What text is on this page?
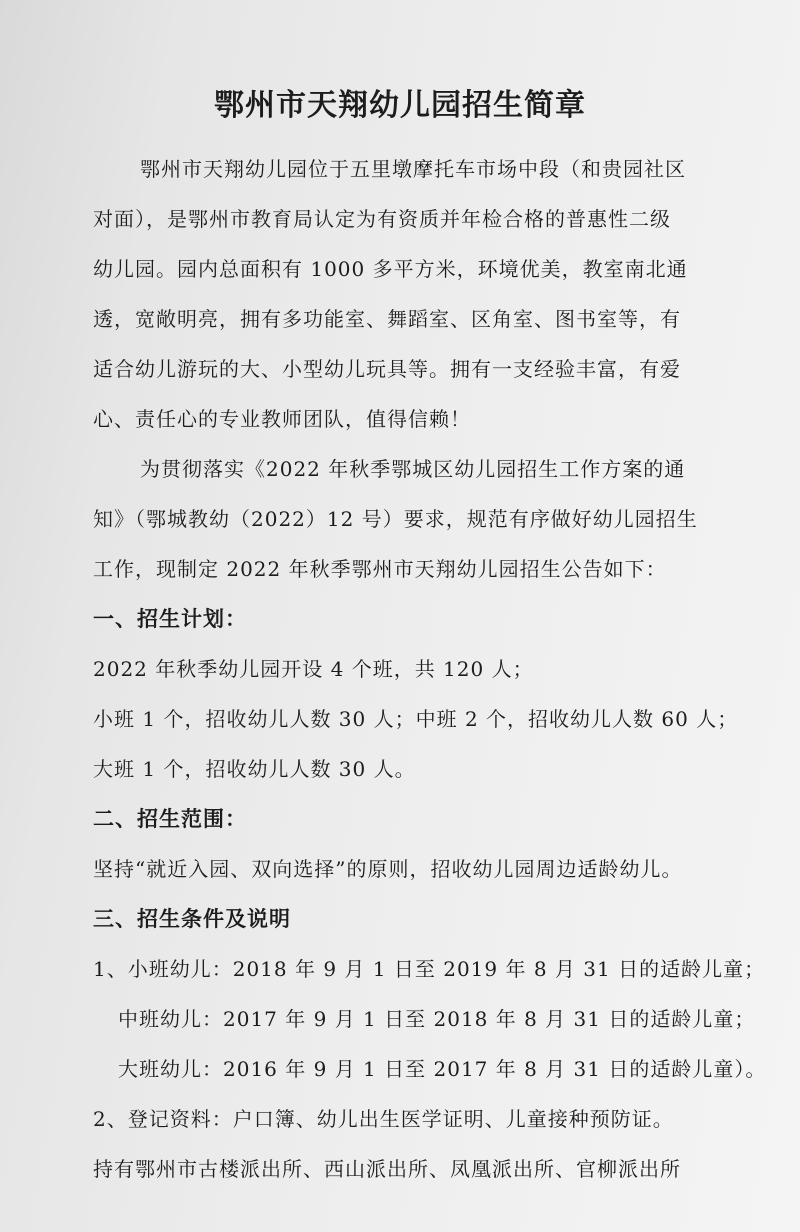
鄂州市天翔幼儿园招生简章
鄂州市天翔幼儿园位于五里墩摩托车市场中段（和贵园社区
对面），是鄂州市教育局认定为有资质并年检合格的普惠性二级
幼儿园。园内总面积有 1000 多平方米，环境优美，教室南北通
透，宽敞明亮，拥有多功能室、舞蹈室、区角室、图书室等，有
适合幼儿游玩的大、小型幼儿玩具等。拥有一支经验丰富，有爱
心、责任心的专业教师团队，值得信赖！
为贯彻落实《2022 年秋季鄂城区幼儿园招生工作方案的通
知》（鄂城教幼（2022）12 号）要求，规范有序做好幼儿园招生
工作，现制定 2022 年秋季鄂州市天翔幼儿园招生公告如下：
一、招生计划：
2022 年秋季幼儿园开设 4 个班，共 120 人；
小班 1 个，招收幼儿人数 30 人；中班 2 个，招收幼儿人数 60 人；
大班 1 个，招收幼儿人数 30 人。
二、招生范围：
坚持“就近入园、双向选择”的原则，招收幼儿园周边适龄幼儿。
三、招生条件及说明
1、小班幼儿：2018 年 9 月 1 日至 2019 年 8 月 31 日的适龄儿童；
中班幼儿：2017 年 9 月 1 日至 2018 年 8 月 31 日的适龄儿童；
大班幼儿：2016 年 9 月 1 日至 2017 年 8 月 31 日的适龄儿童）。
2、登记资料：户口簿、幼儿出生医学证明、儿童接种预防证。
持有鄂州市古楼派出所、西山派出所、凤凰派出所、官柳派出所
